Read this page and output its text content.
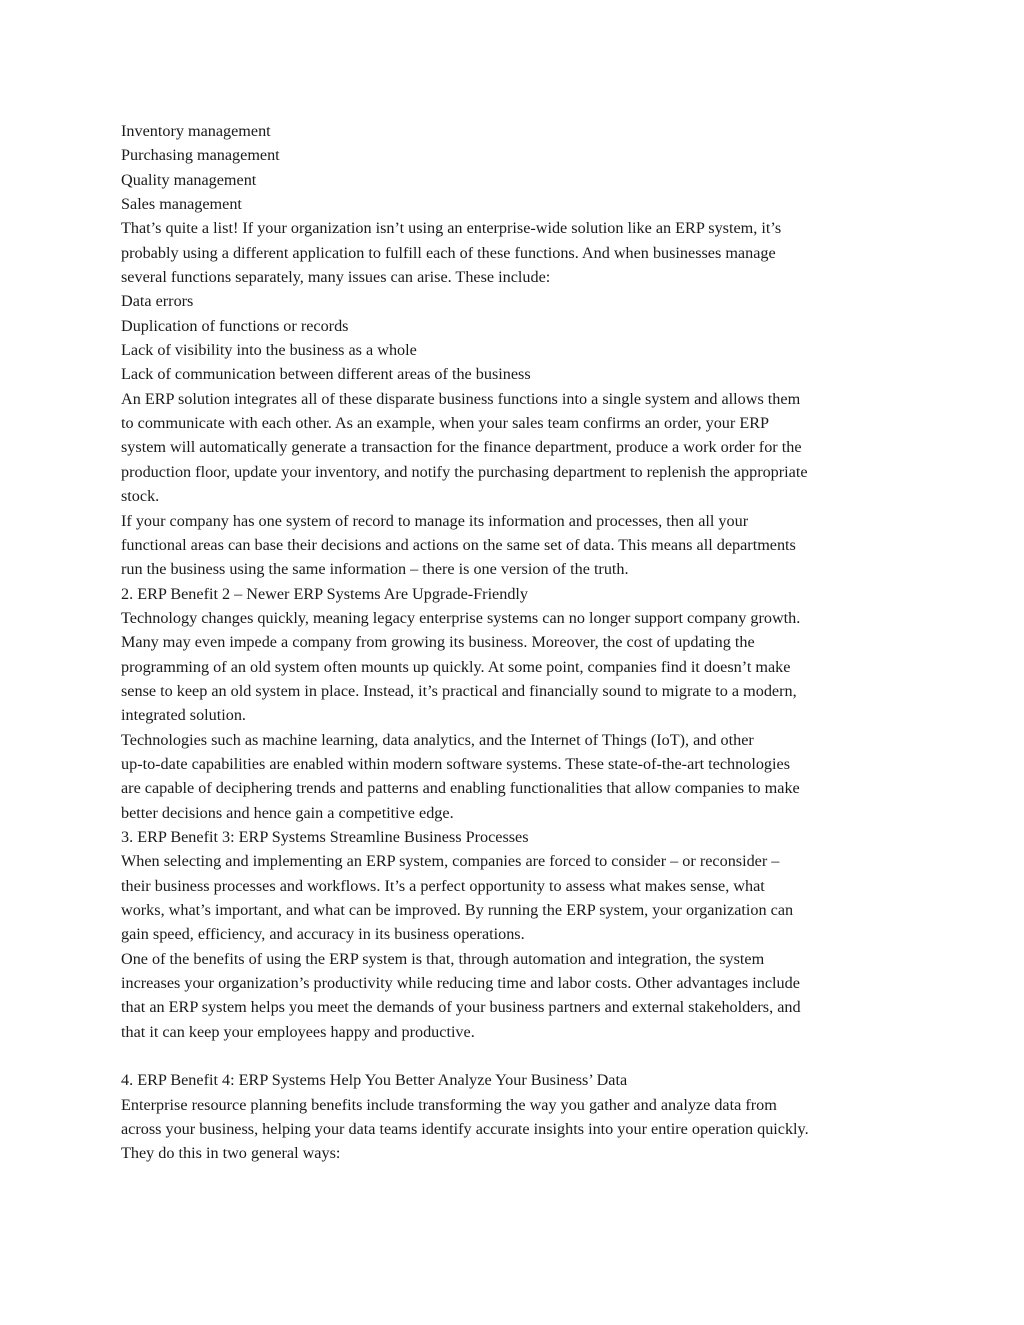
Inventory management

Purchasing management

Quality management

Sales management

That’s quite a list! If your organization isn’t using an enterprise-wide solution like an ERP system, it’s

probably using a different application to fulfill each of these functions. And when businesses manage

several functions separately, many issues can arise. These include:

Data errors

Duplication of functions or records

Lack of visibility into the business as a whole

Lack of communication between different areas of the business

An ERP solution integrates all of these disparate business functions into a single system and allows them

to communicate with each other. As an example, when your sales team confirms an order, your ERP

system will automatically generate a transaction for the finance department, produce a work order for the

production floor, update your inventory, and notify the purchasing department to replenish the appropriate

stock.

If your company has one system of record to manage its information and processes, then all your

functional areas can base their decisions and actions on the same set of data. This means all departments

run the business using the same information – there is one version of the truth.

2. ERP Benefit 2 – Newer ERP Systems Are Upgrade-Friendly

Technology changes quickly, meaning legacy enterprise systems can no longer support company growth.

Many may even impede a company from growing its business. Moreover, the cost of updating the

programming of an old system often mounts up quickly. At some point, companies find it doesn’t make

sense to keep an old system in place. Instead, it’s practical and financially sound to migrate to a modern,

integrated solution.

Technologies such as machine learning, data analytics, and the Internet of Things (IoT), and other

up-to-date capabilities are enabled within modern software systems. These state-of-the-art technologies

are capable of deciphering trends and patterns and enabling functionalities that allow companies to make

better decisions and hence gain a competitive edge.

3. ERP Benefit 3: ERP Systems Streamline Business Processes

When selecting and implementing an ERP system, companies are forced to consider – or reconsider –

their business processes and workflows. It’s a perfect opportunity to assess what makes sense, what

works, what’s important, and what can be improved. By running the ERP system, your organization can

gain speed, efficiency, and accuracy in its business operations.

One of the benefits of using the ERP system is that, through automation and integration, the system

increases your organization’s productivity while reducing time and labor costs. Other advantages include

that an ERP system helps you meet the demands of your business partners and external stakeholders, and

that it can keep your employees happy and productive.

4. ERP Benefit 4: ERP Systems Help You Better Analyze Your Business’ Data

Enterprise resource planning benefits include transforming the way you gather and analyze data from

across your business, helping your data teams identify accurate insights into your entire operation quickly.

They do this in two general ways:
